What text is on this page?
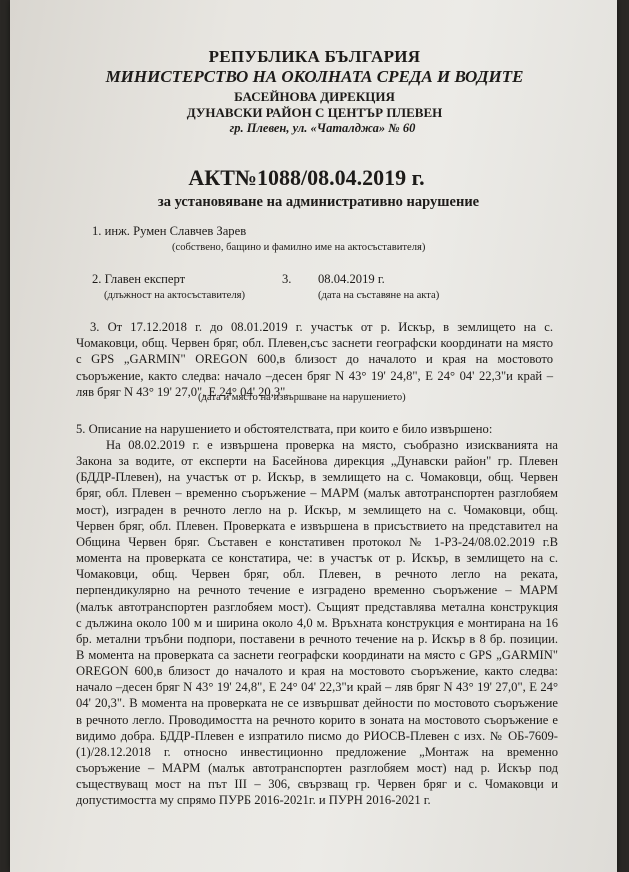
РЕПУБЛИКА БЪЛГАРИЯ
МИНИСТЕРСТВО НА ОКОЛНАТА СРЕДА И ВОДИТЕ
БАСЕЙНОВА ДИРЕКЦИЯ
ДУНАВСКИ РАЙОН С ЦЕНТЪР ПЛЕВЕН
гр. Плевен, ул. «Чаталджа» № 60
АКТ№1088/08.04.2019 г.
за установяване на административно нарушение
1. инж. Румен Славчев Зарев
(собствено, бащино и фамилно име на актосъставителя)
2. Главен експерт	3. 08.04.2019 г.
(длъжност на актосъставителя)	(дата на съставяне на акта)
3. От 17.12.2018 г. до 08.01.2019 г. участък от р. Искър, в землището на с.
Чомаковци, общ. Червен бряг, обл. Плевен,със заснети географски координати на място
с GPS „GARMIN" OREGON 600,в близост до началото и края на мостовото
съоръжение, както следва: начало –десен бряг N 43° 19' 24,8", Е 24° 04' 22,3"и край –
ляв бряг N 43° 19' 27,0", Е 24° 04' 20,3".
(дата и място на извършване на нарушението)
5. Описание на нарушението и обстоятелствата, при които е било извършено:
На 08.02.2019 г. е извършена проверка на място, съобразно изискванията на
Закона за водите, от експерти на Басейнова дирекция „Дунавски район" гр. Плевен
(БДДР-Плевен), на участък от р. Искър, в землището на с. Чомаковци, общ. Червен
бряг, обл. Плевен – временно съоръжение – МАРМ (малък автотранспортен разглобяем
мост), изграден в речното легло на р. Искър, м землището на с. Чомаковци, общ.
Червен бряг, обл. Плевен. Проверката е извършена в присъствието на представител на
Община Червен бряг. Съставен е констативен протокол № 1-РЗ-24/08.02.2019 г.В
момента на проверката се констатира, че: в участък от р. Искър, в землището на с.
Чомаковци, общ. Червен бряг, обл. Плевен, в речното легло на реката,
перпендикулярно на речното течение е изградено временно съоръжение – МАРМ
(малък автотранспортен разглобяем мост). Същият представлява метална конструкция
с дължина около 100 м и ширина около 4,0 м. Връхната конструкция е монтирана на 16
бр. метални тръбни подпори, поставени в речното течение на р. Искър в 8 бр. позиции.
В момента на проверката са заснети географски координати на място с GPS „GARMIN"
OREGON 600,в близост до началото и края на мостовото съоръжение, както следва:
начало –десен бряг N 43° 19' 24,8", Е 24° 04' 22,3"и край – ляв бряг N 43° 19' 27,0", Е 24°
04' 20,3". В момента на проверката не се извършват дейности по мостовото съоръжение
в речното легло. Проводимостта на речното корито в зоната на мостовото съоръжение е
видимо добра. БДДР-Плевен е изпратило писмо до РИОСВ-Плевен с изх. № ОБ-7609-
(1)/28.12.2018 г. относно инвестиционно предложение „Монтаж на временно
съоръжение – МАРМ (малък автотранспортен разглобяем мост) над р. Искър под
съществуващ мост на път III – 306, свързващ гр. Червен бряг и с. Чомаковци и
допустимостта му спрямо ПУРБ 2016-2021г. и ПУРН 2016-2021 г.
